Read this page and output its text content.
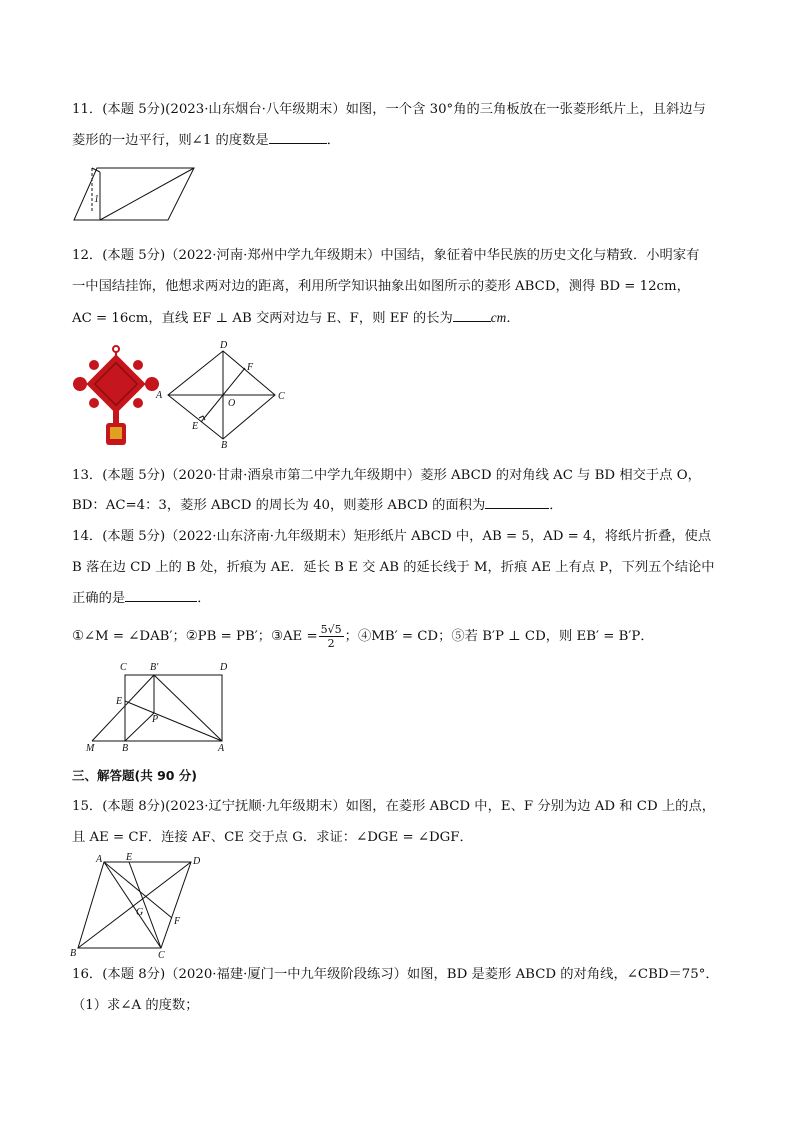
11．(本题 5分)(2023·山东烟台·八年级期末）如图，一个含 30°角的三角板放在一张菱形纸片上，且斜边与
菱形的一边平行，则∠1 的度数是	．
1
12．(本题 5分)（2022·河南·郑州中学九年级期末）中国结，象征着中华民族的历史文化与精致．小明家有
一中国结挂饰，他想求两对边的距离，利用所学知识抽象出如图所示的菱形 ABCD，测得 BD = 12cm，
AC = 16cm，直线 EF ⊥ AB 交两对边与 E、F，则 EF 的长为	cm．
D
C
A
B
E
F
O
13．(本题 5分)（2020·甘肃·酒泉市第二中学九年级期中）菱形 ABCD 的对角线 AC 与 BD 相交于点 O，
BD：AC=4：3，菱形 ABCD 的周长为 40，则菱形 ABCD 的面积为	．
14．(本题 5分)（2022·山东济南·九年级期末）矩形纸片 ABCD 中，AB = 5，AD = 4，将纸片折叠，使点
B 落在边 CD 上的 B 处，折痕为 AE．延长 B E 交 AB 的延长线于 M，折痕 AE 上有点 P，下列五个结论中
正确的是	．
①∠M = ∠DAB′；②PB = PB′；③AE = $\frac{5√5}{2}$ ；④MB′ = CD；⑤若 B′P ⊥ CD，则 EB′ = B′P．
C B′	D
E
P
M	B	A
三、解答题(共 90 分)
15．(本题 8分)(2023·辽宁抚顺·九年级期末）如图，在菱形 ABCD 中，E、F 分别为边 AD 和 CD 上的点，
且 AE = CF．连接 AF、CE 交于点 G．求证：∠DGE = ∠DGF．
A E	D
G
F
B	C
16．(本题 8分)（2020·福建·厦门一中九年级阶段练习）如图，BD 是菱形 ABCD 的对角线，∠CBD＝75°．
（1）求∠A 的度数；
